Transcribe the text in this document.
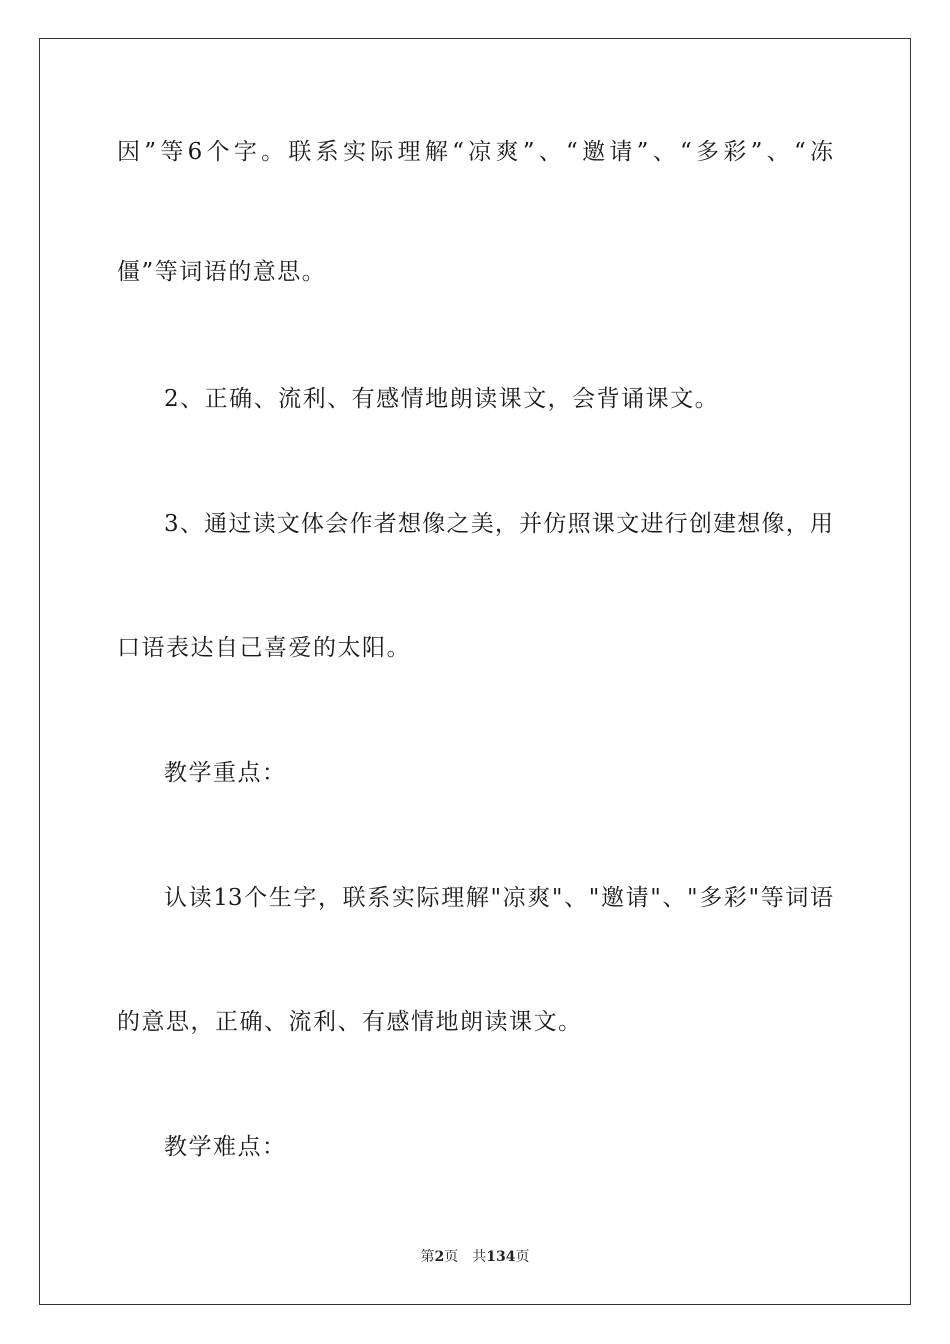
因”等6个字。联系实际理解“凉爽”、“邀请”、“多彩”、“冻
僵”等词语的意思。
2、正确、流利、有感情地朗读课文，会背诵课文。
3、通过读文体会作者想像之美，并仿照课文进行创建想像，用
口语表达自己喜爱的太阳。
教学重点：
认读13个生字，联系实际理解"凉爽"、"邀请"、"多彩"等词语
的意思，正确、流利、有感情地朗读课文。
教学难点：
第2页 共134页
